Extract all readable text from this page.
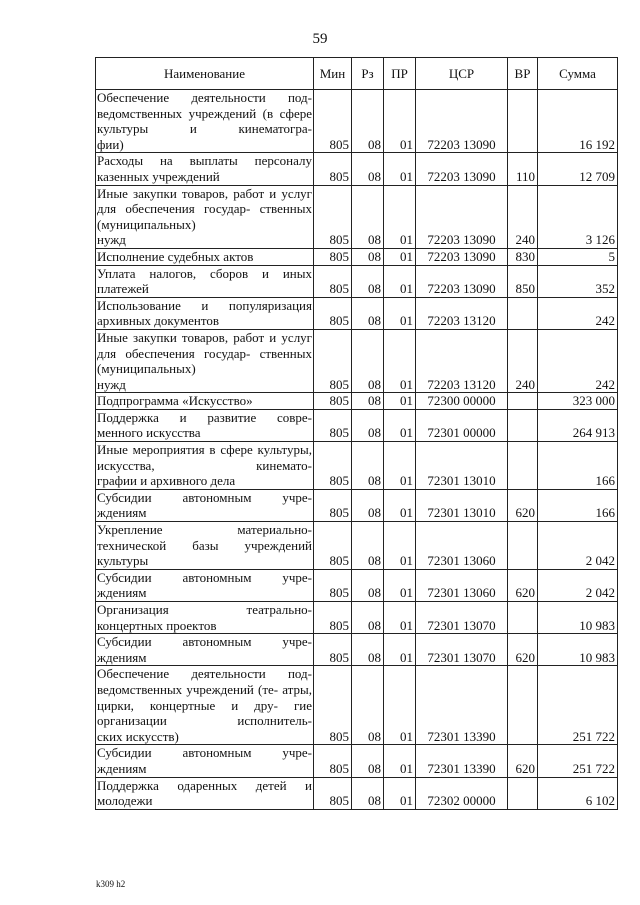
59
Наименование	Мин	Рз	ПР	ЦСР	ВР	Сумма
Обеспечение деятельности под- ведомственных учреждений (в сфере культуры и кинематогра-
фии)	805	08	01	72203 13090		16 192
Расходы на выплаты персоналу
казенных учреждений	805	08	01	72203 13090	110	12 709
Иные закупки товаров, работ и услуг для обеспечения государ- ственных (муниципальных)
нужд	805	08	01	72203 13090	240	3 126

Исполнение судебных актов	805	08	01	72203 13090	830	5
Уплата налогов, сборов и иных
платежей	805	08	01	72203 13090	850	352
Использование и популяризация
архивных документов	805	08	01	72203 13120		242
Иные закупки товаров, работ и услуг для обеспечения государ- ственных (муниципальных)
нужд	805	08	01	72203 13120	240	242

Подпрограмма «Искусство»	805	08	01	72300 00000		323 000
Поддержка и развитие совре-
менного искусства	805	08	01	72301 00000		264 913
Иные мероприятия в сфере культуры, искусства, кинемато-
графии и архивного дела	805	08	01	72301 13010		166
Субсидии автономным учре-
ждениям	805	08	01	72301 13010	620	166
Укрепление материально- технической базы учреждений
культуры	805	08	01	72301 13060		2 042
Субсидии автономным учре-
ждениям	805	08	01	72301 13060	620	2 042
Организация театрально-
концертных проектов	805	08	01	72301 13070		10 983
Субсидии автономным учре-
ждениям	805	08	01	72301 13070	620	10 983
Обеспечение деятельности под- ведомственных учреждений (те- атры, цирки, концертные и дру- гие организации исполнитель-
ских искусств)	805	08	01	72301 13390		251 722
Субсидии автономным учре-
ждениям	805	08	01	72301 13390	620	251 722
Поддержка одаренных детей и
молодежи	805	08	01	72302 00000		6 102
k309 h2
